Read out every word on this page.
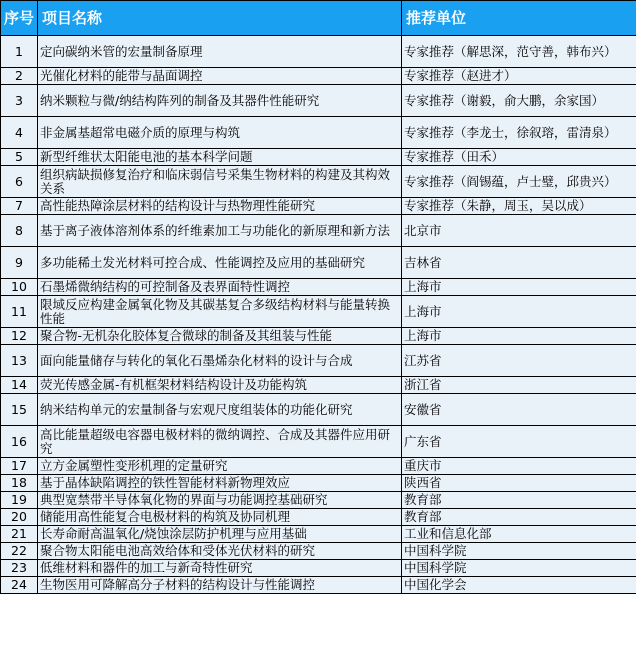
序号	项目名称	推荐单位
1	定向碳纳米管的宏量制备原理	专家推荐（解思深，范守善，韩布兴）
2	光催化材料的能带与晶面调控	专家推荐（赵进才）
3	纳米颗粒与微/纳结构阵列的制备及其器件性能研究	专家推荐（谢毅，俞大鹏，余家国）
4	非金属基超常电磁介质的原理与构筑	专家推荐（李龙士，徐叙瑢，雷清泉）
5	新型纤维状太阳能电池的基本科学问题	专家推荐（田禾）
6	组织病缺损修复治疗和临床弱信号采集生物材料的构建及其构效关系	专家推荐（阎锡蕴，卢士璧，邱贵兴）
7	高性能热障涂层材料的结构设计与热物理性能研究	专家推荐（朱静，周玉，吴以成）
8	基于离子液体溶剂体系的纤维素加工与功能化的新原理和新方法	北京市
9	多功能稀土发光材料可控合成、性能调控及应用的基础研究	吉林省
10	石墨烯微纳结构的可控制备及表界面特性调控	上海市
11	限域反应构建金属氧化物及其碳基复合多级结构材料与能量转换性能	上海市
12	聚合物-无机杂化胶体复合微球的制备及其组装与性能	上海市
13	面向能量储存与转化的氧化石墨烯杂化材料的设计与合成	江苏省
14	荧光传感金属-有机框架材料结构设计及功能构筑	浙江省
15	纳米结构单元的宏量制备与宏观尺度组装体的功能化研究	安徽省
16	高比能量超级电容器电极材料的微纳调控、合成及其器件应用研究	广东省
17	立方金属塑性变形机理的定量研究	重庆市
18	基于晶体缺陷调控的铁性智能材料新物理效应	陕西省
19	典型宽禁带半导体氧化物的界面与功能调控基础研究	教育部
20	储能用高性能复合电极材料的构筑及协同机理	教育部
21	长寿命耐高温氧化/烧蚀涂层防护机理与应用基础	工业和信息化部
22	聚合物太阳能电池高效给体和受体光伏材料的研究	中国科学院
23	低维材料和器件的加工与新奇特性研究	中国科学院
24	生物医用可降解高分子材料的结构设计与性能调控	中国化学会
